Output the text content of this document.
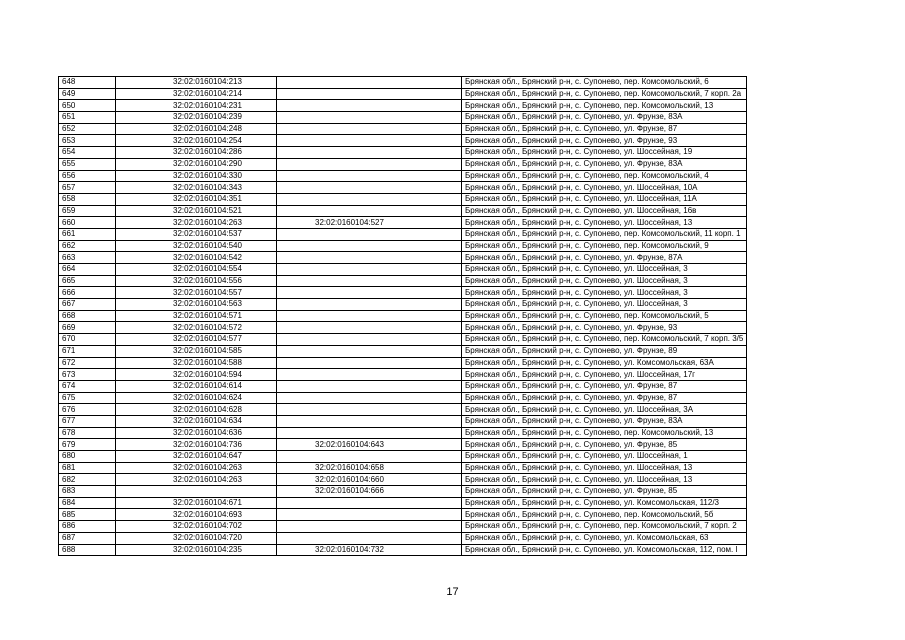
648	32:02:0160104:213		Брянская обл., Брянский р-н, с. Супонево, пер. Комсомольский, 6
649	32:02:0160104:214		Брянская обл., Брянский р-н, с. Супонево, пер. Комсомольский, 7 корп. 2а
650	32:02:0160104:231		Брянская обл., Брянский р-н, с. Супонево, пер. Комсомольский, 13
651	32:02:0160104:239		Брянская обл., Брянский р-н, с. Супонево, ул. Фрунзе, 83А
652	32:02:0160104:248		Брянская обл., Брянский р-н, с. Супонево, ул. Фрунзе, 87
653	32:02:0160104:254		Брянская обл., Брянский р-н, с. Супонево, ул. Фрунзе, 93
654	32:02:0160104:286		Брянская обл., Брянский р-н, с. Супонево, ул. Шоссейная, 19
655	32:02:0160104:290		Брянская обл., Брянский р-н, с. Супонево, ул. Фрунзе, 83А
656	32:02:0160104:330		Брянская обл., Брянский р-н, с. Супонево, пер. Комсомольский, 4
657	32:02:0160104:343		Брянская обл., Брянский р-н, с. Супонево, ул. Шоссейная, 10А
658	32:02:0160104:351		Брянская обл., Брянский р-н, с. Супонево, ул. Шоссейная, 11А
659	32:02:0160104:521		Брянская обл., Брянский р-н, с. Супонево, ул. Шоссейная, 16в
660	32:02:0160104:263	32:02:0160104:527	Брянская обл., Брянский р-н, с. Супонево, ул. Шоссейная, 13
661	32:02:0160104:537		Брянская обл., Брянский р-н, с. Супонево, пер. Комсомольский, 11 корп. 1
662	32:02:0160104:540		Брянская обл., Брянский р-н, с. Супонево, пер. Комсомольский, 9
663	32:02:0160104:542		Брянская обл., Брянский р-н, с. Супонево, ул. Фрунзе, 87А
664	32:02:0160104:554		Брянская обл., Брянский р-н, с. Супонево, ул. Шоссейная, 3
665	32:02:0160104:556		Брянская обл., Брянский р-н, с. Супонево, ул. Шоссейная, 3
666	32:02:0160104:557		Брянская обл., Брянский р-н, с. Супонево, ул. Шоссейная, 3
667	32:02:0160104:563		Брянская обл., Брянский р-н, с. Супонево, ул. Шоссейная, 3
668	32:02:0160104:571		Брянская обл., Брянский р-н, с. Супонево, пер. Комсомольский, 5
669	32:02:0160104:572		Брянская обл., Брянский р-н, с. Супонево, ул. Фрунзе, 93
670	32:02:0160104:577		Брянская обл., Брянский р-н, с. Супонево, пер. Комсомольский, 7 корп. 3/5
671	32:02:0160104:585		Брянская обл., Брянский р-н, с. Супонево, ул. Фрунзе, 89
672	32:02:0160104:588		Брянская обл., Брянский р-н, с. Супонево, ул. Комсомольская, 63А
673	32:02:0160104:594		Брянская обл., Брянский р-н, с. Супонево, ул. Шоссейная, 17г
674	32:02:0160104:614		Брянская обл., Брянский р-н, с. Супонево, ул. Фрунзе, 87
675	32:02:0160104:624		Брянская обл., Брянский р-н, с. Супонево, ул. Фрунзе, 87
676	32:02:0160104:628		Брянская обл., Брянский р-н, с. Супонево, ул. Шоссейная, 3А
677	32:02:0160104:634		Брянская обл., Брянский р-н, с. Супонево, ул. Фрунзе, 83А
678	32:02:0160104:636		Брянская обл., Брянский р-н, с. Супонево, пер. Комсомольский, 13
679	32:02:0160104:736	32:02:0160104:643	Брянская обл., Брянский р-н, с. Супонево, ул. Фрунзе, 85
680	32:02:0160104:647		Брянская обл., Брянский р-н, с. Супонево, ул. Шоссейная, 1
681	32:02:0160104:263	32:02:0160104:658	Брянская обл., Брянский р-н, с. Супонево, ул. Шоссейная, 13
682	32:02:0160104:263	32:02:0160104:660	Брянская обл., Брянский р-н, с. Супонево, ул. Шоссейная, 13
683		32:02:0160104:666	Брянская обл., Брянский р-н, с. Супонево, ул. Фрунзе, 85
684	32:02:0160104:671		Брянская обл., Брянский р-н, с. Супонево, ул. Комсомольская, 112/3
685	32:02:0160104:693		Брянская обл., Брянский р-н, с. Супонево, пер. Комсомольский, 5б
686	32:02:0160104:702		Брянская обл., Брянский р-н, с. Супонево, пер. Комсомольский, 7 корп. 2
687	32:02:0160104:720		Брянская обл., Брянский р-н, с. Супонево, ул. Комсомольская, 63
688	32:02:0160104:235	32:02:0160104:732	Брянская обл., Брянский р-н, с. Супонево, ул. Комсомольская, 112, пом. I
17
